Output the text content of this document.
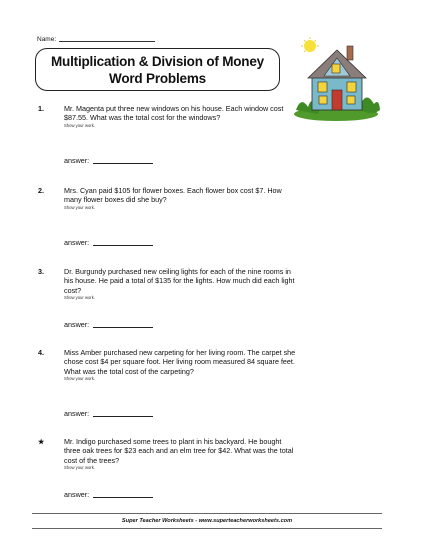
Name:
Multiplication & Division of Money
Word Problems
1.	Mr. Magenta put three new windows on his house. Each window cost $87.55. What was the total cost for the windows?
Show your work.
answer:
2.	Mrs. Cyan paid $105 for flower boxes. Each flower box cost $7. How many flower boxes did she buy?
Show your work.
answer:
3.	Dr. Burgundy purchased new ceiling lights for each of the nine rooms in his house. He paid a total of $135 for the lights. How much did each light cost?
Show your work.
answer:
4.	Miss Amber purchased new carpeting for her living room. The carpet she chose cost $4 per square foot. Her living room measured 84 square feet. What was the total cost of the carpeting?
Show your work.
answer:
★	Mr. Indigo purchased some trees to plant in his backyard. He bought three oak trees for $23 each and an elm tree for $42. What was the total cost of the trees?
Show your work.
answer:
Super Teacher Worksheets - www.superteacherworksheets.com
